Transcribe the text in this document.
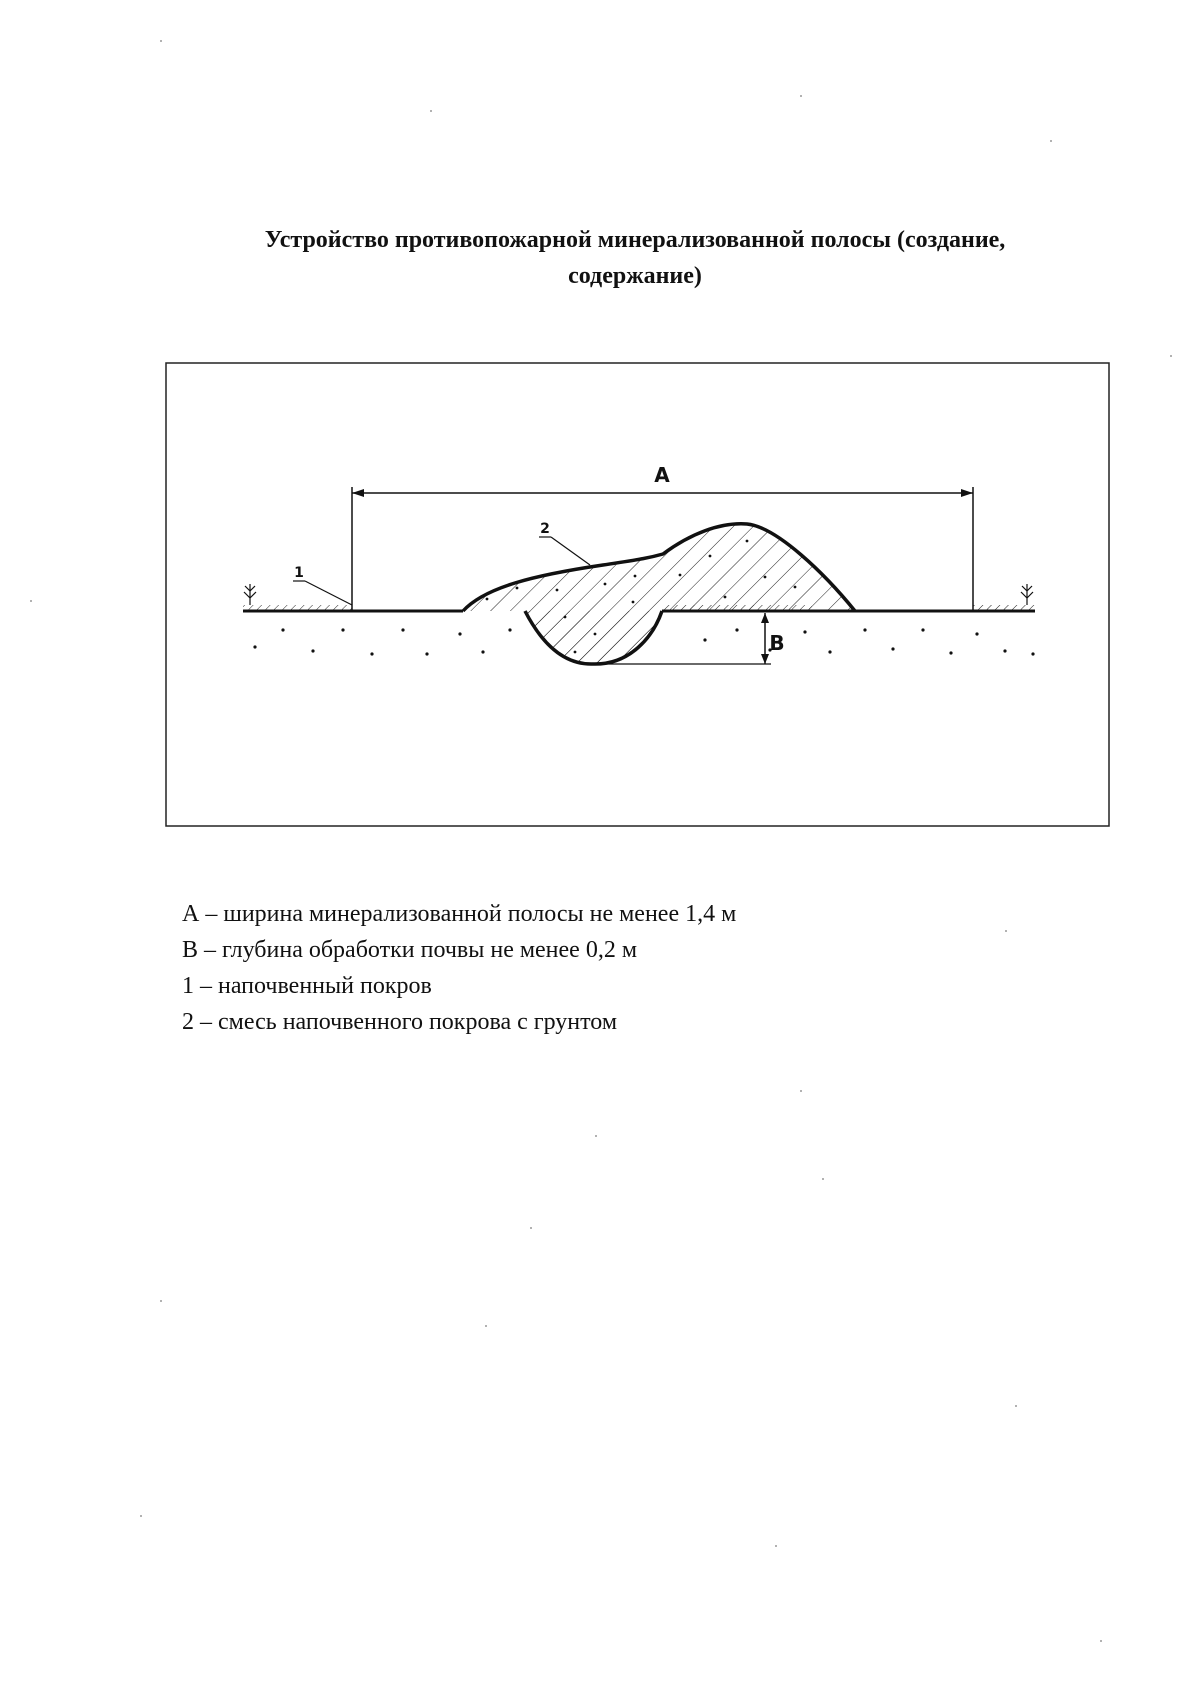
Устройство противопожарной минерализованной полосы (создание,
содержание)
A
B
1
2
А – ширина минерализованной полосы не менее 1,4 м
В – глубина обработки почвы не менее 0,2 м
1 – напочвенный покров
2 – смесь напочвенного покрова с грунтом
